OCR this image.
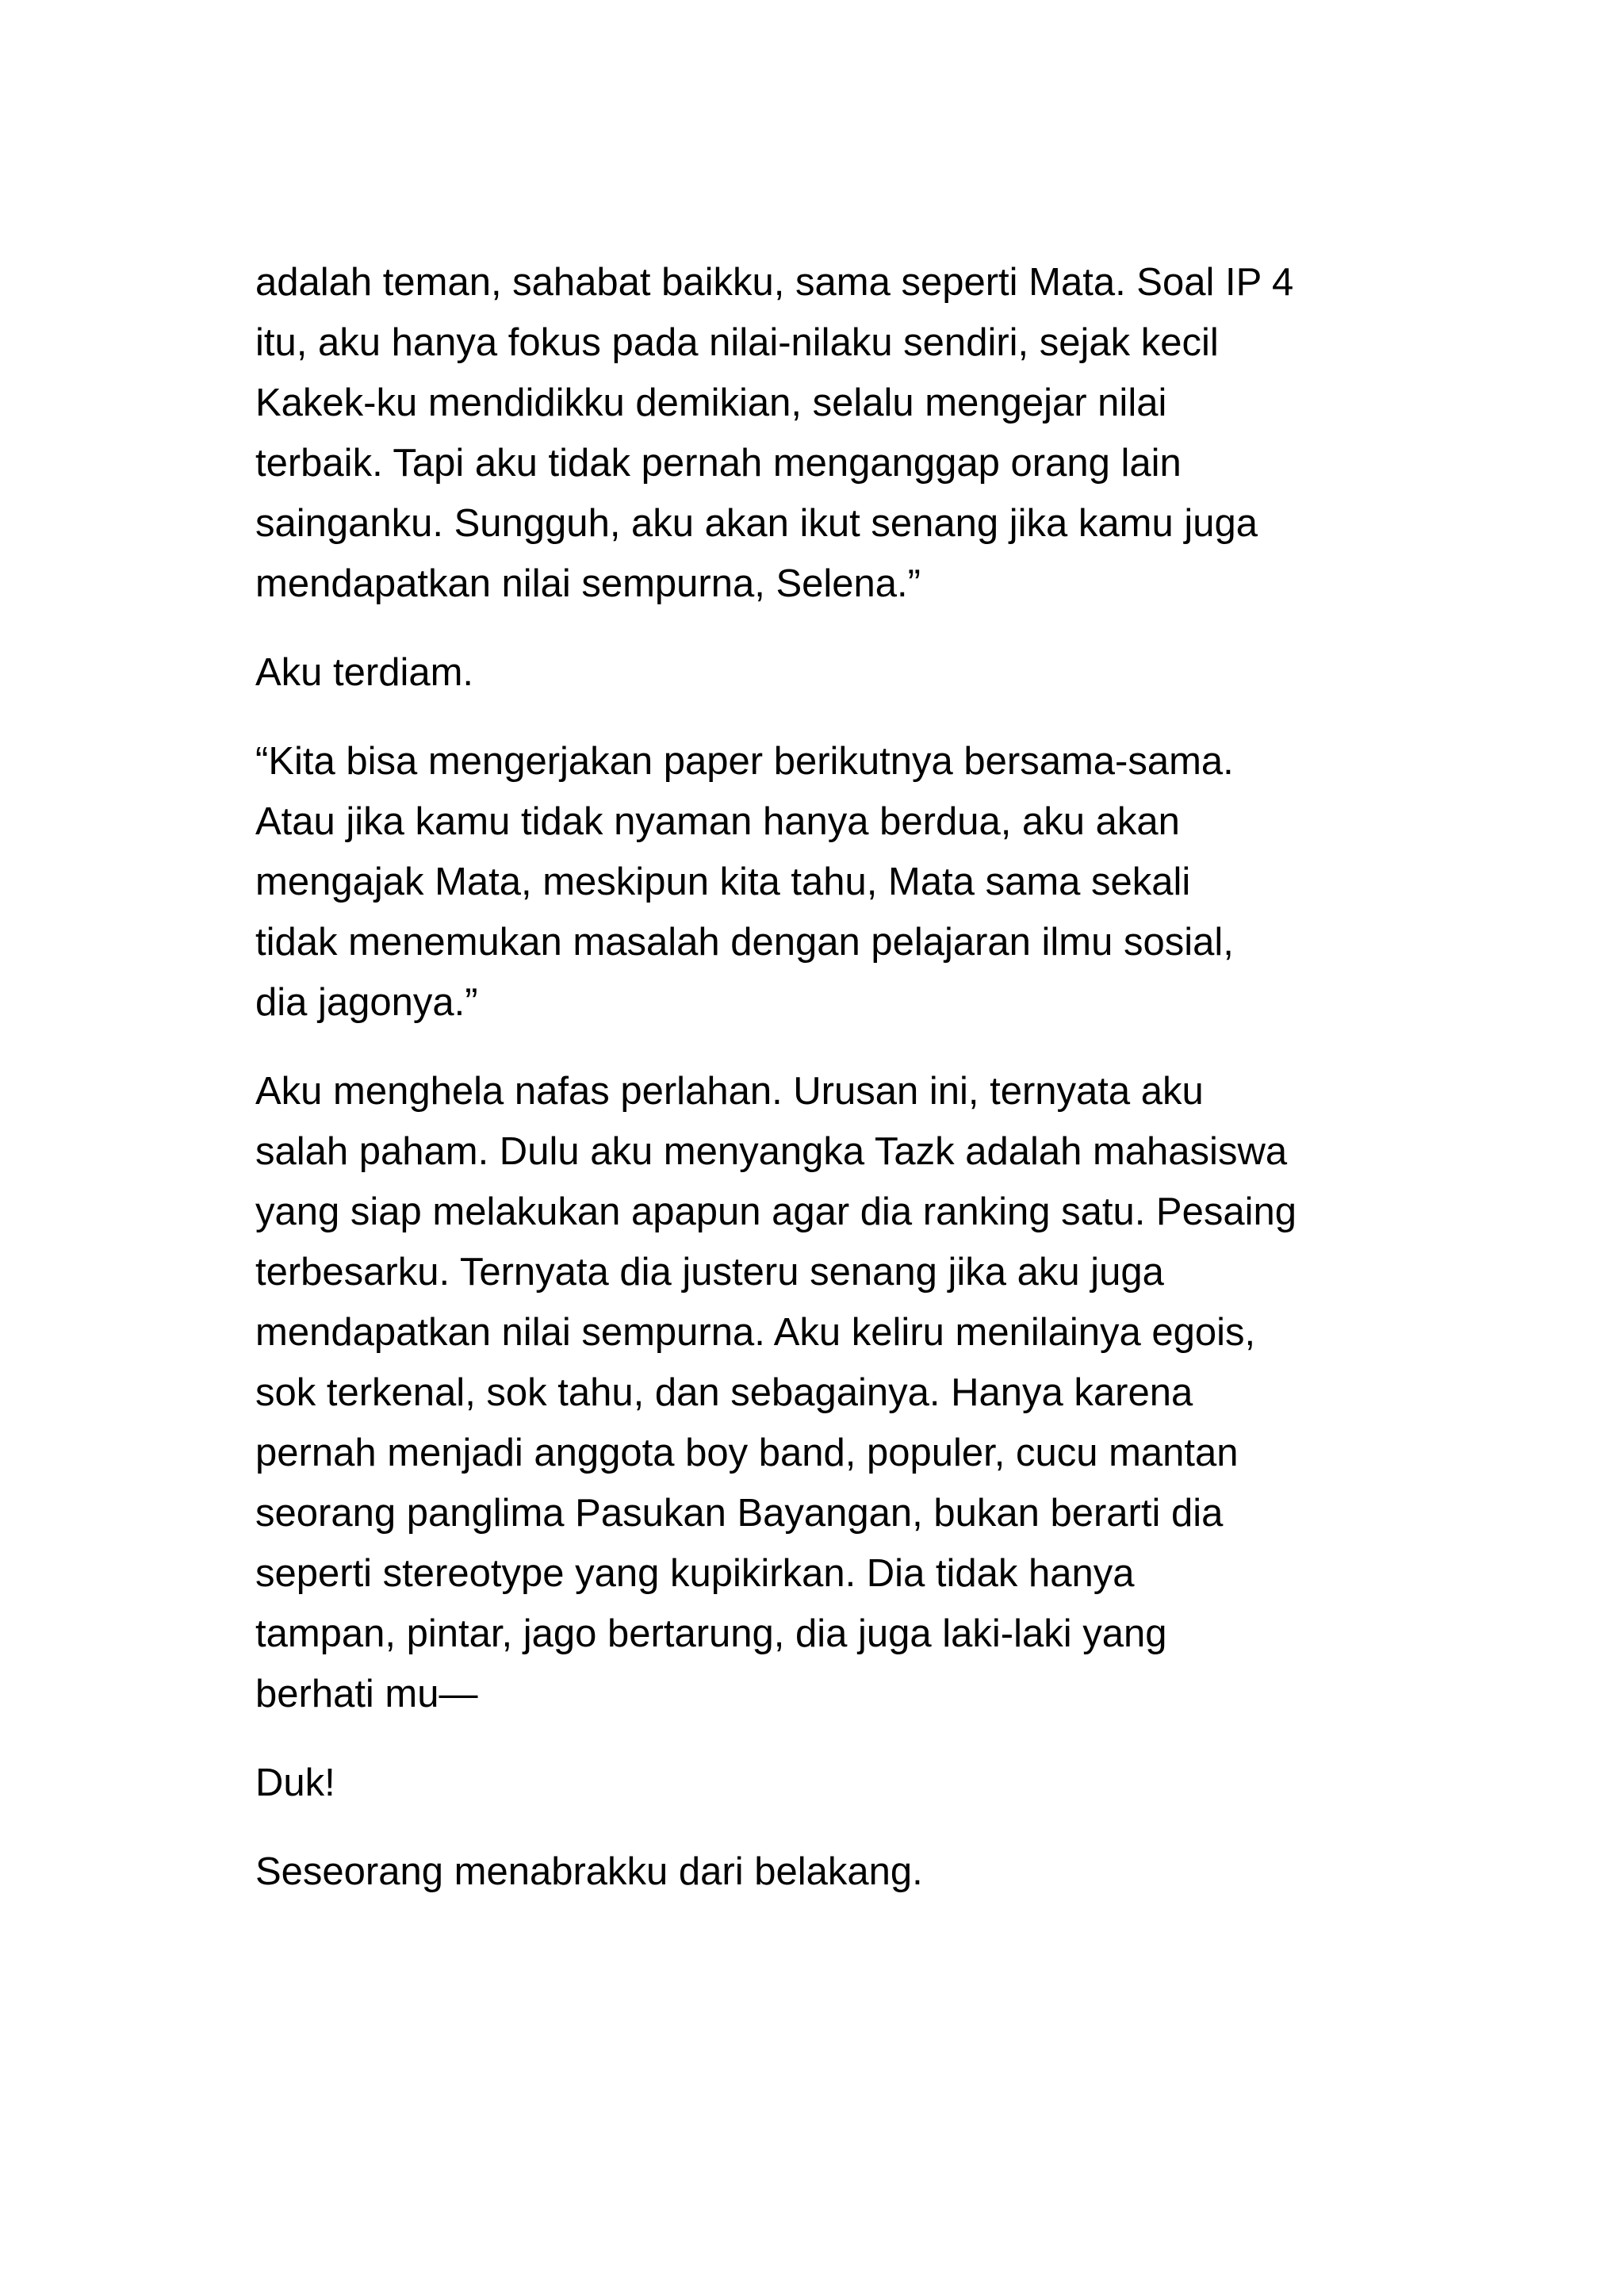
adalah teman, sahabat baikku, sama seperti Mata. Soal IP 4
itu, aku hanya fokus pada nilai-nilaku sendiri, sejak kecil
Kakek-ku mendidikku demikian, selalu mengejar nilai
terbaik. Tapi aku tidak pernah menganggap orang lain
sainganku. Sungguh, aku akan ikut senang jika kamu juga
mendapatkan nilai sempurna, Selena.”

Aku terdiam.

“Kita bisa mengerjakan paper berikutnya bersama-sama.
Atau jika kamu tidak nyaman hanya berdua, aku akan
mengajak Mata, meskipun kita tahu, Mata sama sekali
tidak menemukan masalah dengan pelajaran ilmu sosial,
dia jagonya.”

Aku menghela nafas perlahan. Urusan ini, ternyata aku
salah paham. Dulu aku menyangka Tazk adalah mahasiswa
yang siap melakukan apapun agar dia ranking satu. Pesaing
terbesarku. Ternyata dia justeru senang jika aku juga
mendapatkan nilai sempurna. Aku keliru menilainya egois,
sok terkenal, sok tahu, dan sebagainya. Hanya karena
pernah menjadi anggota boy band, populer, cucu mantan
seorang panglima Pasukan Bayangan, bukan berarti dia
seperti stereotype yang kupikirkan. Dia tidak hanya
tampan, pintar, jago bertarung, dia juga laki-laki yang
berhati mu—

Duk!

Seseorang menabrakku dari belakang.
